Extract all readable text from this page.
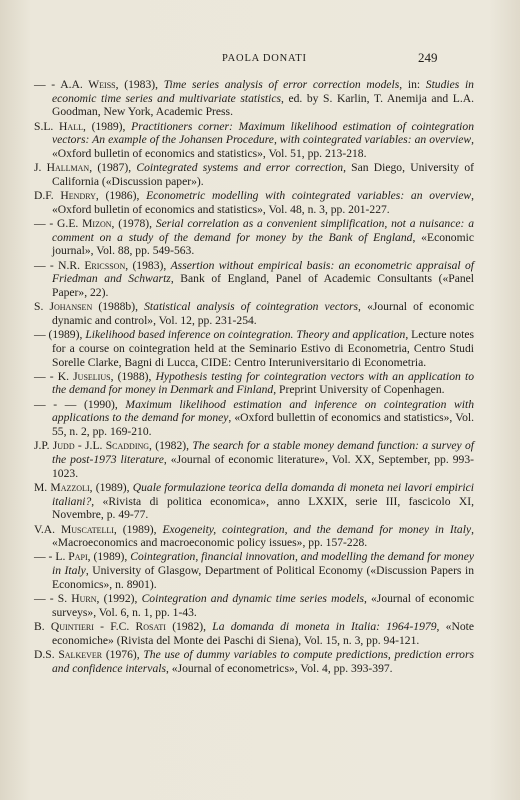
PAOLA DONATI	249

— - A.A. Weiss, (1983), Time series analysis of error correction models, in: Studies in economic time series and multivariate statistics, ed. by S. Karlin, T. Anemija and L.A. Goodman, New York, Academic Press.

S.L. Hall, (1989), Practitioners corner: Maximum likelihood estimation of cointegration vectors: An example of the Johansen Procedure, with cointegrated variables: an overview, «Oxford bulletin of economics and statistics», Vol. 51, pp. 213-218.

J. Hallman, (1987), Cointegrated systems and error correction, San Diego, University of California («Discussion paper»).

D.F. Hendry, (1986), Econometric modelling with cointegrated variables: an overview, «Oxford bulletin of economics and statistics», Vol. 48, n. 3, pp. 201-227.

— - G.E. Mizon, (1978), Serial correlation as a convenient simplification, not a nuisance: a comment on a study of the demand for money by the Bank of England, «Economic journal», Vol. 88, pp. 549-563.

— - N.R. Ericsson, (1983), Assertion without empirical basis: an econometric appraisal of Friedman and Schwartz, Bank of England, Panel of Academic Consultants («Panel Paper», 22).

S. Johansen (1988b), Statistical analysis of cointegration vectors, «Journal of economic dynamic and control», Vol. 12, pp. 231-254.

— (1989), Likelihood based inference on cointegration. Theory and application, Lecture notes for a course on cointegration held at the Seminario Estivo di Econometria, Centro Studi Sorelle Clarke, Bagni di Lucca, CIDE: Centro Interuniversitario di Econometria.

— - K. Juselius, (1988), Hypothesis testing for cointegration vectors with an application to the demand for money in Denmark and Finland, Preprint University of Copenhagen.

— - — (1990), Maximum likelihood estimation and inference on cointegration with applications to the demand for money, «Oxford bullettin of economics and statistics», Vol. 55, n. 2, pp. 169-210.

J.P. Judd - J.L. Scadding, (1982), The search for a stable money demand function: a survey of the post-1973 literature, «Journal of economic literature», Vol. XX, September, pp. 993-1023.

M. Mazzoli, (1989), Quale formulazione teorica della domanda di moneta nei lavori empirici italiani?, «Rivista di politica economica», anno LXXIX, serie III, fascicolo XI, Novembre, p. 49-77.

V.A. Muscatelli, (1989), Exogeneity, cointegration, and the demand for money in Italy, «Macroeconomics and macroeconomic policy issues», pp. 157-228.

— - L. Papi, (1989), Cointegration, financial innovation, and modelling the demand for money in Italy, University of Glasgow, Department of Political Economy («Discussion Papers in Economics», n. 8901).

— - S. Hurn, (1992), Cointegration and dynamic time series models, «Journal of economic surveys», Vol. 6, n. 1, pp. 1-43.

B. Quintieri - F.C. Rosati (1982), La domanda di moneta in Italia: 1964-1979, «Note economiche» (Rivista del Monte dei Paschi di Siena), Vol. 15, n. 3, pp. 94-121.

D.S. Salkever (1976), The use of dummy variables to compute predictions, prediction errors and confidence intervals, «Journal of econometrics», Vol. 4, pp. 393-397.
